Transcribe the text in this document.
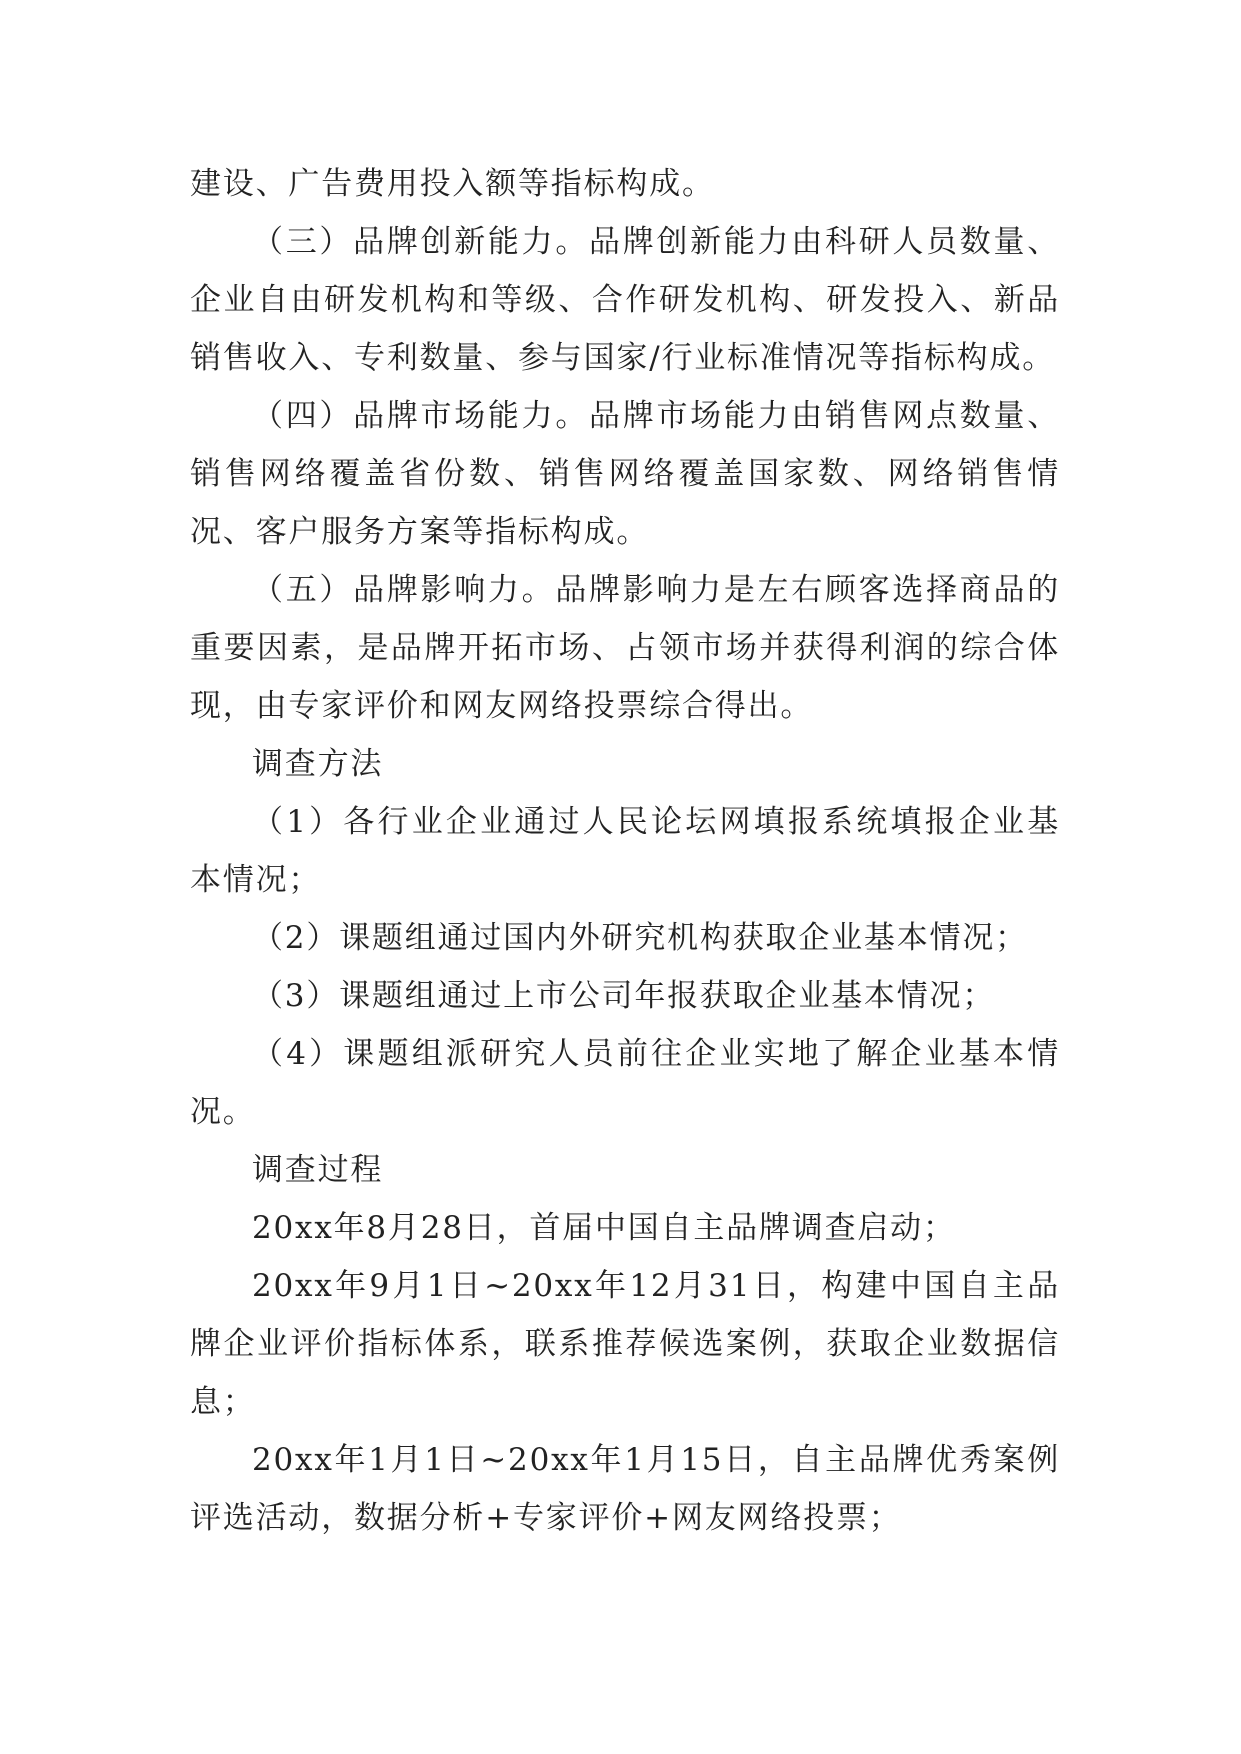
建设、广告费用投入额等指标构成。

（三）品牌创新能力。品牌创新能力由科研人员数量、企业自由研发机构和等级、合作研发机构、研发投入、新品销售收入、专利数量、参与国家/行业标准情况等指标构成。

（四）品牌市场能力。品牌市场能力由销售网点数量、销售网络覆盖省份数、销售网络覆盖国家数、网络销售情况、客户服务方案等指标构成。

（五）品牌影响力。品牌影响力是左右顾客选择商品的重要因素，是品牌开拓市场、占领市场并获得利润的综合体现，由专家评价和网友网络投票综合得出。

调查方法

（1）各行业企业通过人民论坛网填报系统填报企业基本情况；

（2）课题组通过国内外研究机构获取企业基本情况；

（3）课题组通过上市公司年报获取企业基本情况；

（4）课题组派研究人员前往企业实地了解企业基本情况。

调查过程

20xx年8月28日，首届中国自主品牌调查启动；

20xx年9月1日~20xx年12月31日，构建中国自主品牌企业评价指标体系，联系推荐候选案例，获取企业数据信息；

20xx年1月1日~20xx年1月15日，自主品牌优秀案例评选活动，数据分析+专家评价+网友网络投票；
